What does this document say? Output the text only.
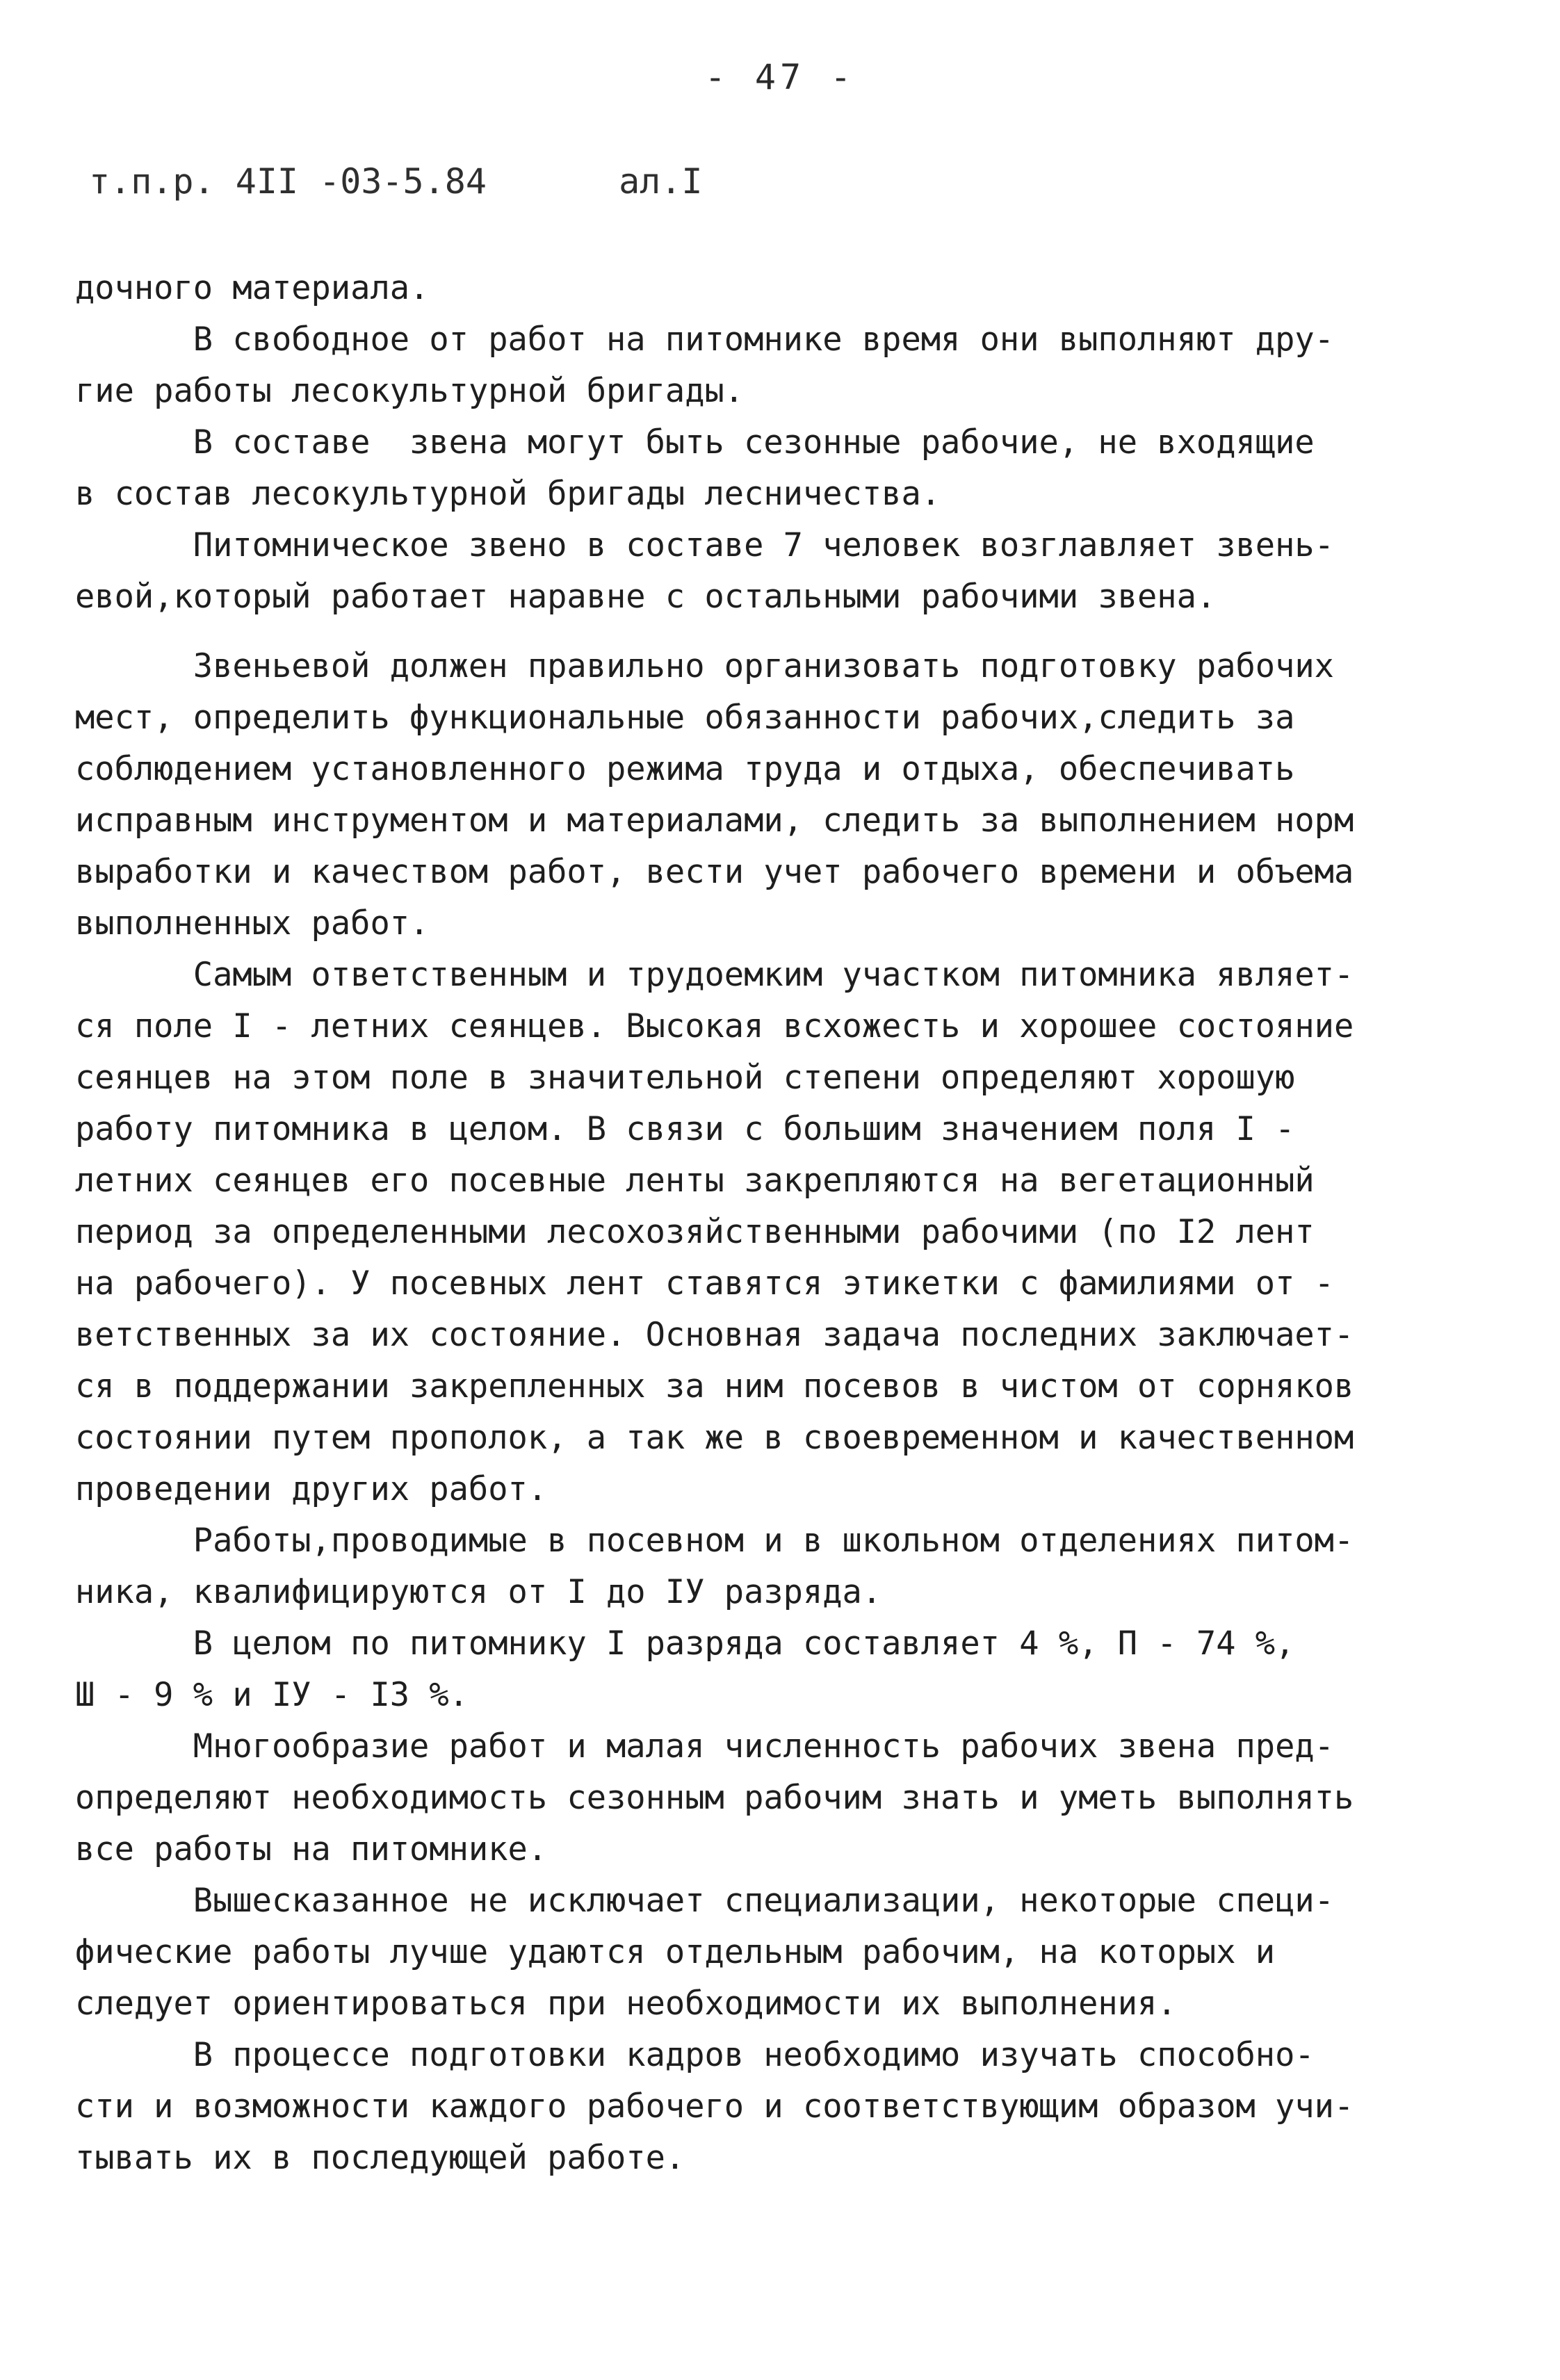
- 47 -
т.п.р. 4II -03-5.84	ал.I
дочного материала.
В свободное от работ на питомнике время они выполняют дру-
гие работы лесокультурной бригады.
В составе  звена могут быть сезонные рабочие, не входящие
в состав лесокультурной бригады лесничества.
Питомническое звено в составе 7 человек возглавляет звень-
евой,который работает наравне с остальными рабочими звена.
Звеньевой должен правильно организовать подготовку рабочих
мест, определить функциональные обязанности рабочих,следить за
соблюдением установленного режима труда и отдыха, обеспечивать
исправным инструментом и материалами, следить за выполнением норм
выработки и качеством работ, вести учет рабочего времени и объема
выполненных работ.
Самым ответственным и трудоемким участком питомника являет-
ся поле I - летних сеянцев. Высокая всхожесть и хорошее состояние
сеянцев на этом поле в значительной степени определяют хорошую
работу питомника в целом. В связи с большим значением поля I -
летних сеянцев его посевные ленты закрепляются на вегетационный
период за определенными лесохозяйственными рабочими (по I2 лент
на рабочего). У посевных лент ставятся этикетки с фамилиями от -
ветственных за их состояние. Основная задача последних заключает-
ся в поддержании закрепленных за ним посевов в чистом от сорняков
состоянии путем прополок, а так же в своевременном и качественном
проведении других работ.
Работы,проводимые в посевном и в школьном отделениях питом-
ника, квалифицируются от I до IУ разряда.
В целом по питомнику I разряда составляет 4 %, П - 74 %,
Ш - 9 % и IУ - I3 %.
Многообразие работ и малая численность рабочих звена пред-
определяют необходимость сезонным рабочим знать и уметь выполнять
все работы на питомнике.
Вышесказанное не исключает специализации, некоторые специ-
фические работы лучше удаются отдельным рабочим, на которых и
следует ориентироваться при необходимости их выполнения.
В процессе подготовки кадров необходимо изучать способно-
сти и возможности каждого рабочего и соответствующим образом учи-
тывать их в последующей работе.
